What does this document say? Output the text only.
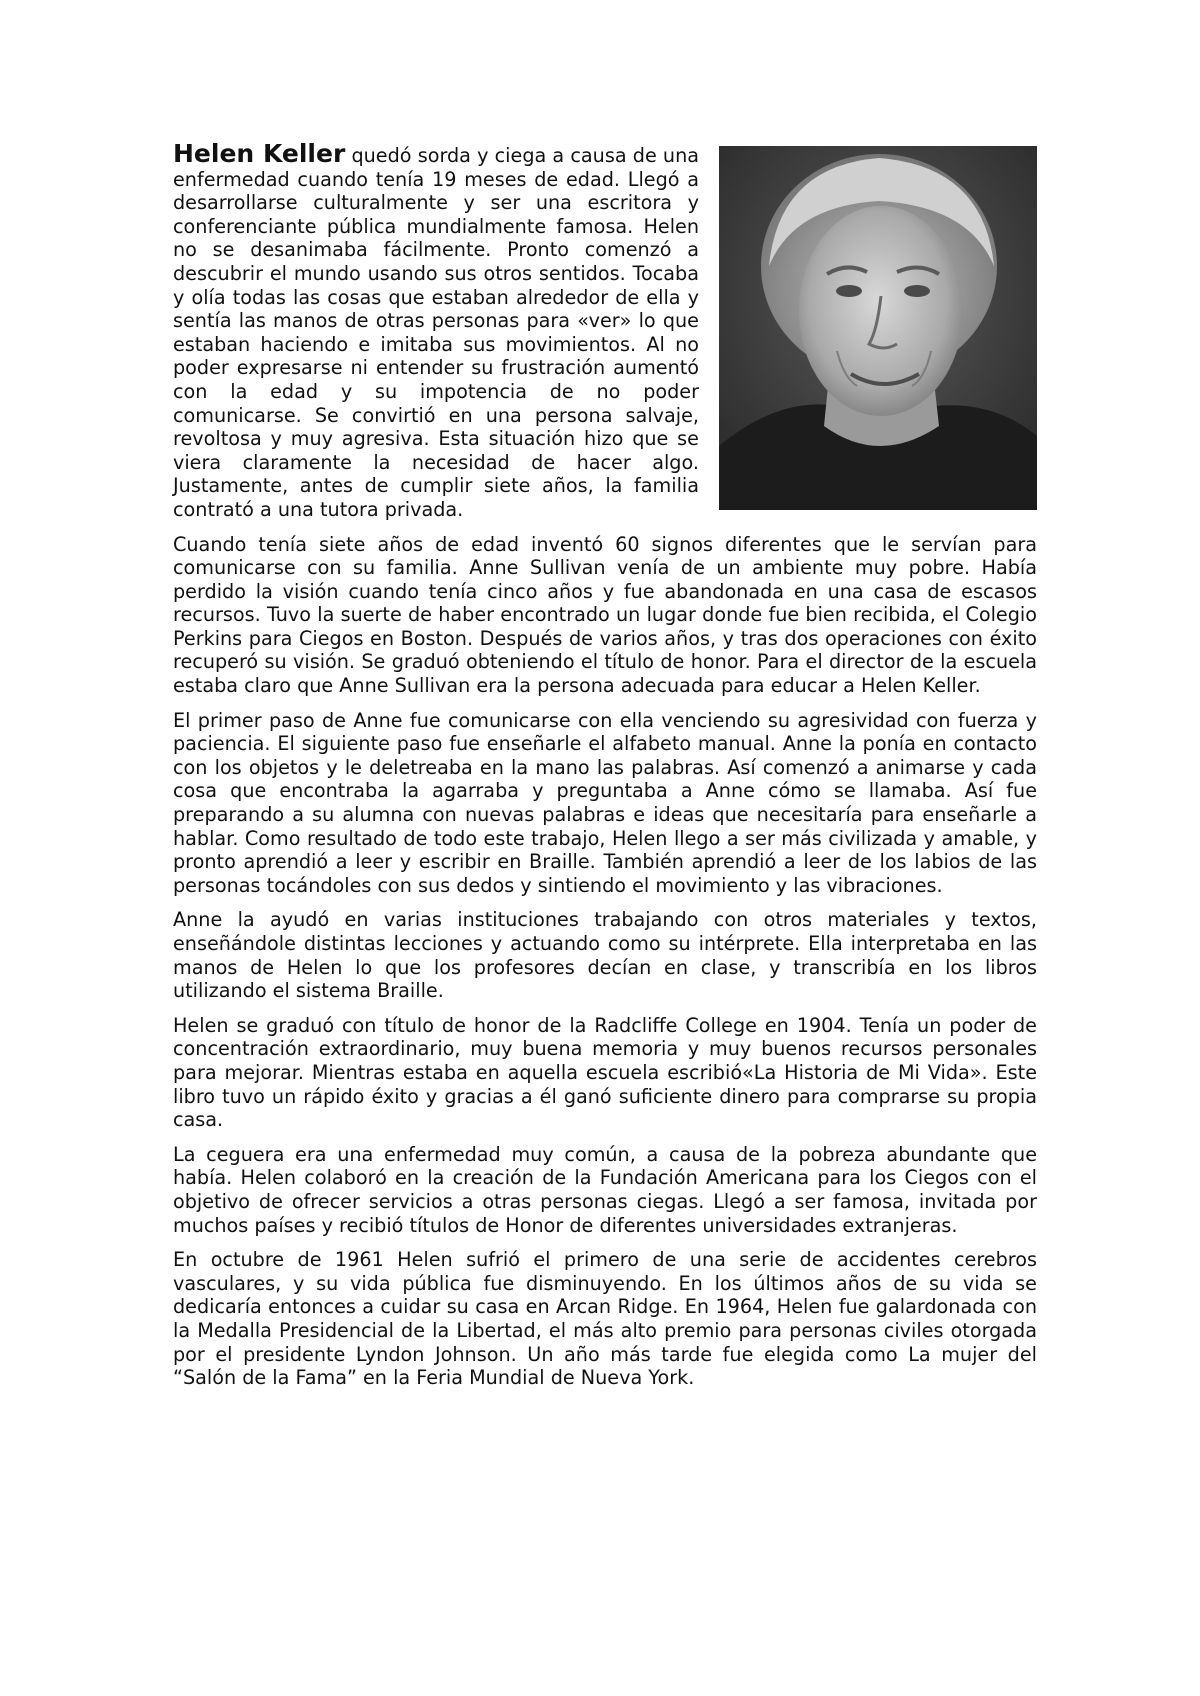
Helen Keller quedó sorda y ciega a causa de una enfermedad cuando tenía 19 meses de edad. Llegó a desarrollarse culturalmente y ser una escritora y conferenciante pública mundialmente famosa. Helen no se desanimaba fácilmente. Pronto comenzó a descubrir el mundo usando sus otros sentidos. Tocaba y olía todas las cosas que estaban alrededor de ella y sentía las manos de otras personas para «ver» lo que estaban haciendo e imitaba sus movimientos. Al no poder expresarse ni entender su frustración aumentó con la edad y su impotencia de no poder comunicarse. Se convirtió en una persona salvaje, revoltosa y muy agresiva. Esta situación hizo que se viera claramente la necesidad de hacer algo. Justamente, antes de cumplir siete años, la familia contrató a una tutora privada.

Cuando tenía siete años de edad inventó 60 signos diferentes que le servían para comunicarse con su familia. Anne Sullivan venía de un ambiente muy pobre. Había perdido la visión cuando tenía cinco años y fue abandonada en una casa de escasos recursos. Tuvo la suerte de haber encontrado un lugar donde fue bien recibida, el Colegio Perkins para Ciegos en Boston. Después de varios años, y tras dos operaciones con éxito recuperó su visión. Se graduó obteniendo el título de honor. Para el director de la escuela estaba claro que Anne Sullivan era la persona adecuada para educar a Helen Keller.

El primer paso de Anne fue comunicarse con ella venciendo su agresividad con fuerza y paciencia. El siguiente paso fue enseñarle el alfabeto manual. Anne la ponía en contacto con los objetos y le deletreaba en la mano las palabras. Así comenzó a animarse y cada cosa que encontraba la agarraba y preguntaba a Anne cómo se llamaba. Así fue preparando a su alumna con nuevas palabras e ideas que necesitaría para enseñarle a hablar. Como resultado de todo este trabajo, Helen llego a ser más civilizada y amable, y pronto aprendió a leer y escribir en Braille. También aprendió a leer de los labios de las personas tocándoles con sus dedos y sintiendo el movimiento y las vibraciones.

Anne la ayudó en varias instituciones trabajando con otros materiales y textos, enseñándole distintas lecciones y actuando como su intérprete. Ella interpretaba en las manos de Helen lo que los profesores decían en clase, y transcribía en los libros utilizando el sistema Braille.

Helen se graduó con título de honor de la Radcliffe College en 1904. Tenía un poder de concentración extraordinario, muy buena memoria y muy buenos recursos personales para mejorar. Mientras estaba en aquella escuela escribió«La Historia de Mi Vida». Este libro tuvo un rápido éxito y gracias a él ganó suficiente dinero para comprarse su propia casa.

La ceguera era una enfermedad muy común, a causa de la pobreza abundante que había. Helen colaboró en la creación de la Fundación Americana para los Ciegos con el objetivo de ofrecer servicios a otras personas ciegas. Llegó a ser famosa, invitada por muchos países y recibió títulos de Honor de diferentes universidades extranjeras.

En octubre de 1961 Helen sufrió el primero de una serie de accidentes cerebros vasculares, y su vida pública fue disminuyendo. En los últimos años de su vida se dedicaría entonces a cuidar su casa en Arcan Ridge. En 1964, Helen fue galardonada con la Medalla Presidencial de la Libertad, el más alto premio para personas civiles otorgada por el presidente Lyndon Johnson. Un año más tarde fue elegida como La mujer del “Salón de la Fama” en la Feria Mundial de Nueva York.
